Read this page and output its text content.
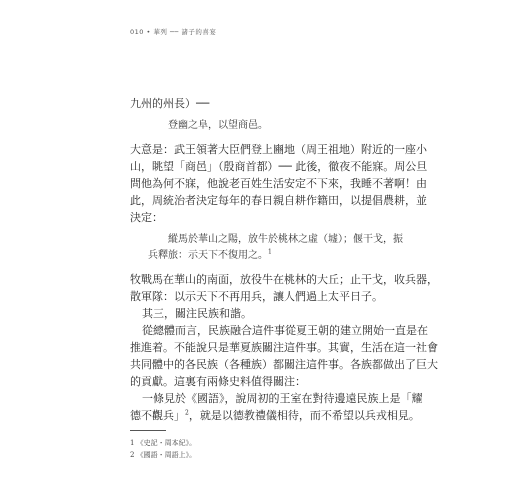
010 • 華列 ── 諸子的喜宴
九州的州長）──
登幽之阜，以望商邑。
大意是：武王領著大臣們登上豳地（周王祖地）附近的一座小
山，眺望「商邑」（殷商首都）── 此後，徹夜不能寐。周公旦
問他為何不寐，他說老百姓生活安定不下來，我睡不著啊！由
此，周統治者決定每年的春日親自耕作籍田，以提倡農耕，並
決定：
縱馬於華山之陽，放牛於桃林之虛（墟）；偃干戈，振
兵釋旅：示天下不復用之。$^1$
牧戰馬在華山的南面，放役牛在桃林的大丘；止干戈，收兵器，
散軍隊：以示天下不再用兵，讓人們過上太平日子。
其三，關注民族和諧。
從總體而言，民族融合這件事從夏王朝的建立開始一直是在
推進着。不能說只是華夏族關注這件事。其實，生活在這一社會
共同體中的各民族（各種族）都關注這件事。各族都做出了巨大
的貢獻。這裏有兩條史料值得關注：
一條見於《國語》，說周初的王室在對待邊遠民族上是「耀
德不觀兵」$^2$，就是以德教禮儀相待，而不希望以兵戎相見。
1 《史記・周本紀》。
2 《國語・周語上》。
